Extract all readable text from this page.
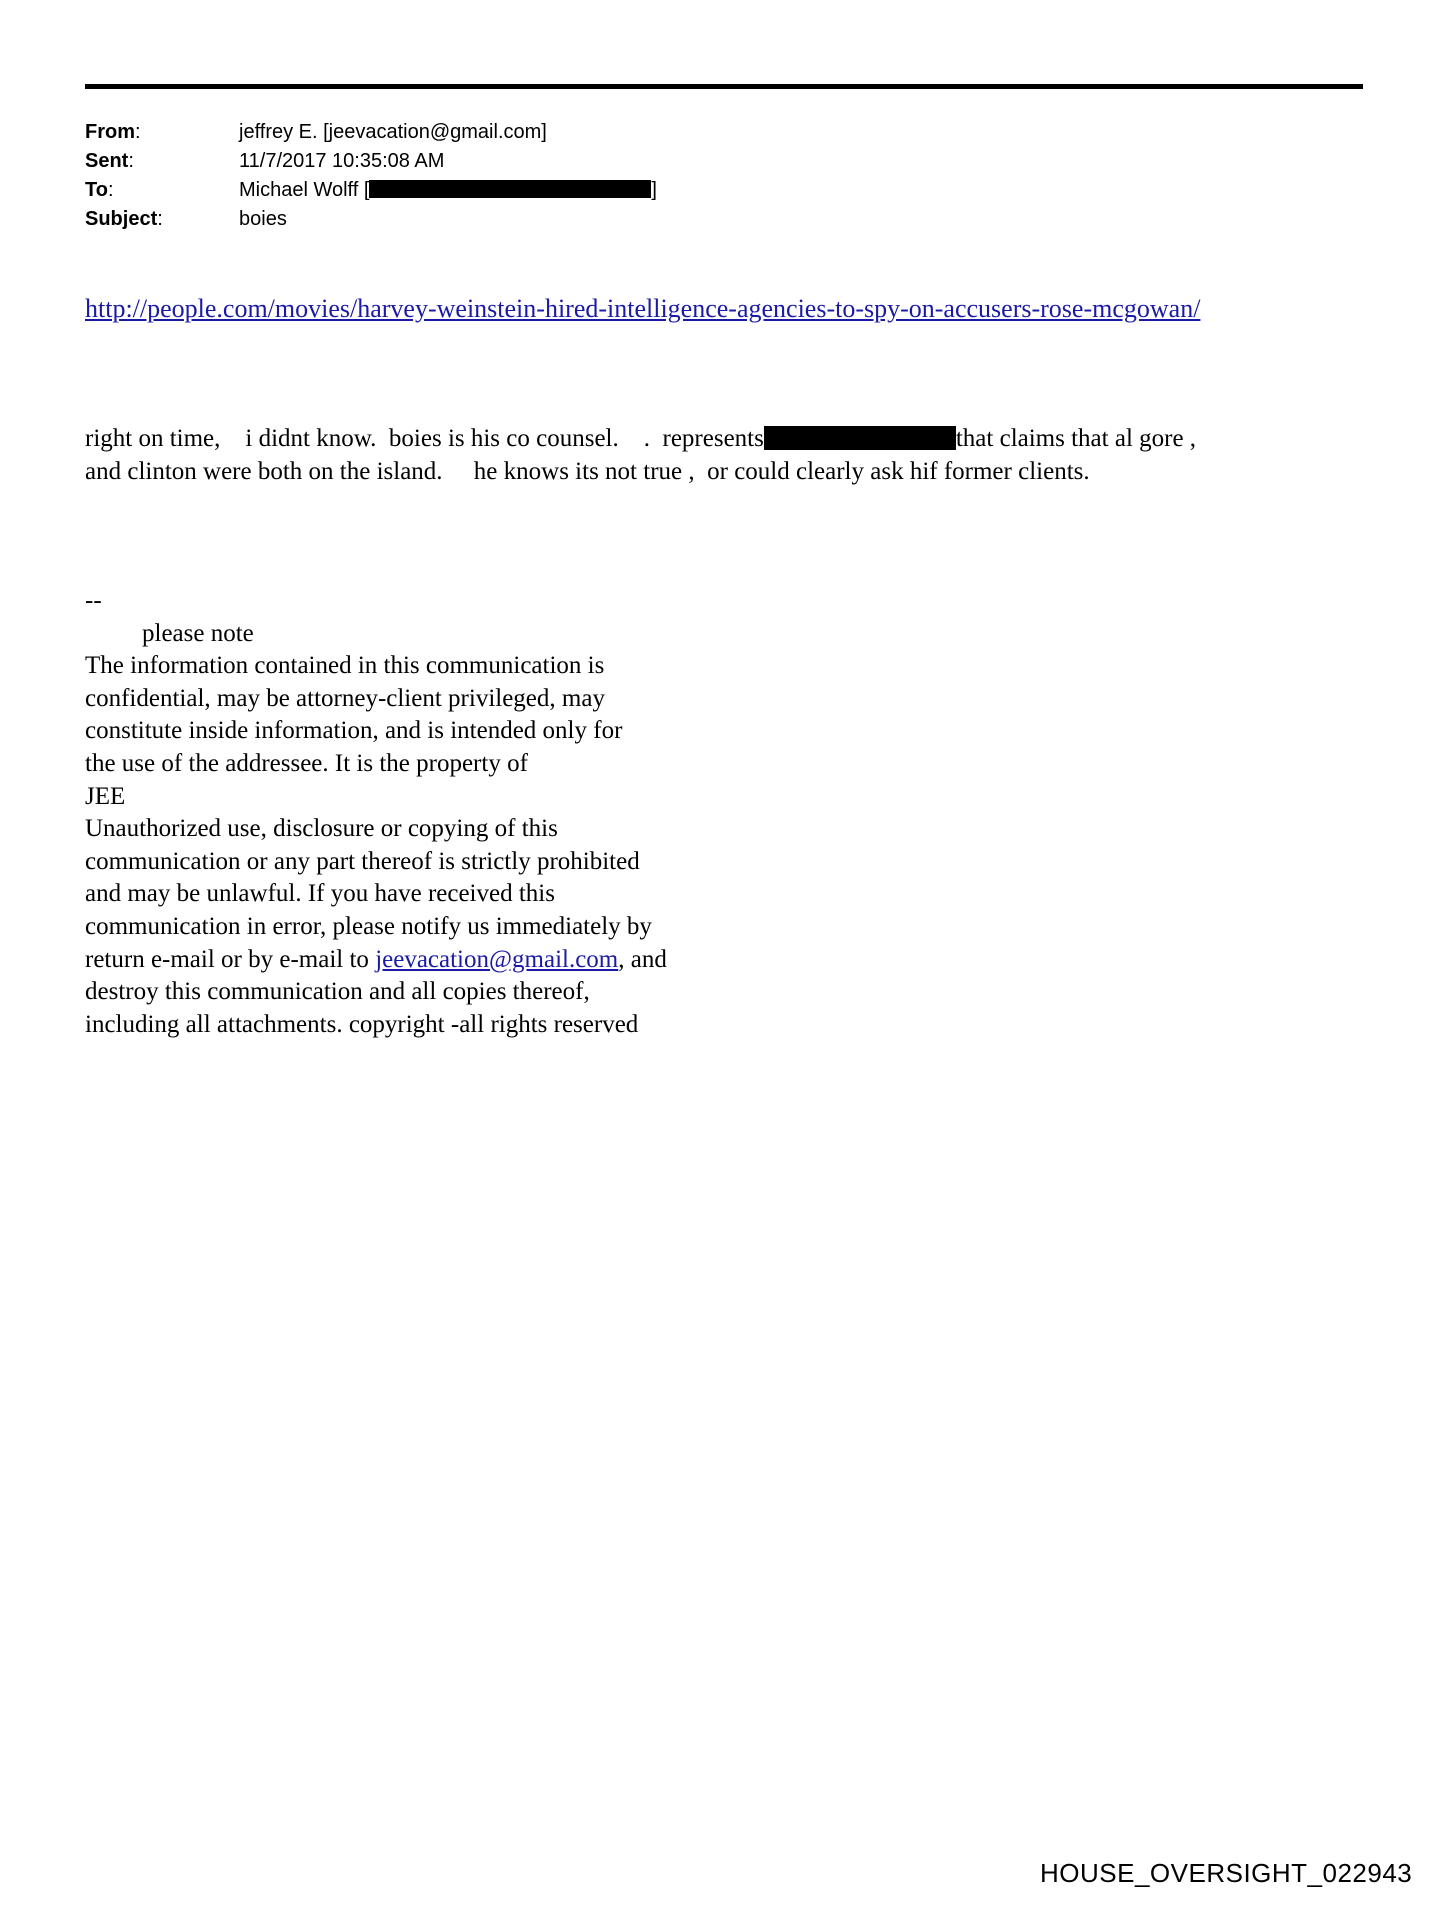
From:	jeffrey E. [jeevacation@gmail.com]
Sent:	11/7/2017 10:35:08 AM
To:	Michael Wolff [	]
Subject:	boies
http://people.com/movies/harvey-weinstein-hired-intelligence-agencies-to-spy-on-accusers-rose-mcgowan/
right on time,    i didnt know.  boies is his co counsel.    .  represents	that claims that al gore ,
and clinton were both on the island.     he knows its not true ,  or could clearly ask hif former clients.
--
please note
The information contained in this communication is
confidential, may be attorney-client privileged, may
constitute inside information, and is intended only for
the use of the addressee. It is the property of
JEE
Unauthorized use, disclosure or copying of this
communication or any part thereof is strictly prohibited
and may be unlawful. If you have received this
communication in error, please notify us immediately by
return e-mail or by e-mail to jeevacation@gmail.com, and
destroy this communication and all copies thereof,
including all attachments. copyright -all rights reserved
HOUSE_OVERSIGHT_022943
